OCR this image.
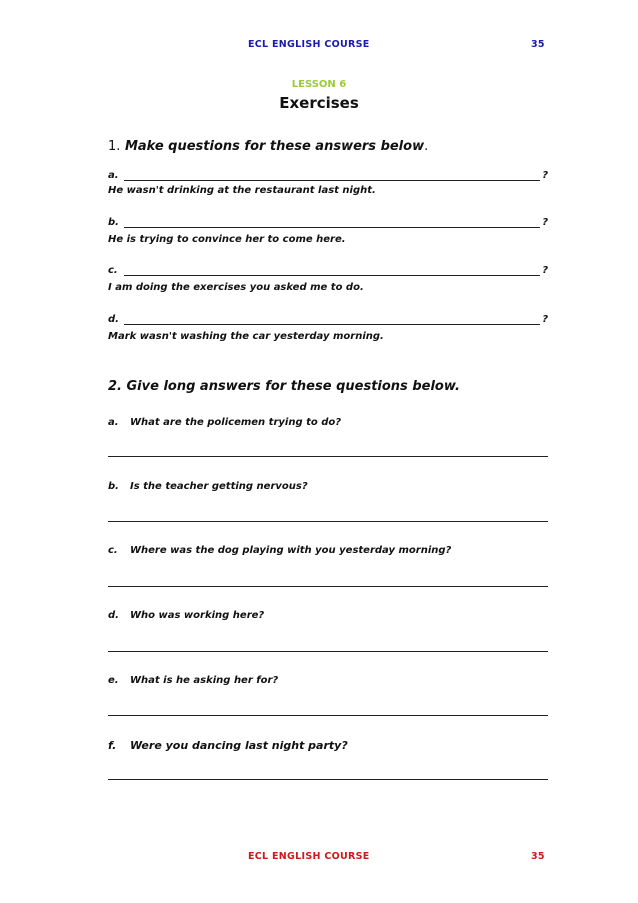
ECL ENGLISH COURSE	35
LESSON 6
Exercises
1. Make questions for these answers below.
a.	?
He wasn't drinking at the restaurant last night.
b.	?
He is trying to convince her to come here.
c.	?
I am doing the exercises you asked me to do.
d.	?
Mark wasn't washing the car yesterday morning.
2. Give long answers for these questions below.
a. What are the policemen trying to do?
b. Is the teacher getting nervous?
c. Where was the dog playing with you yesterday morning?
d. Who was working here?
e. What is he asking her for?
f. Were you dancing last night party?
ECL ENGLISH COURSE	35
